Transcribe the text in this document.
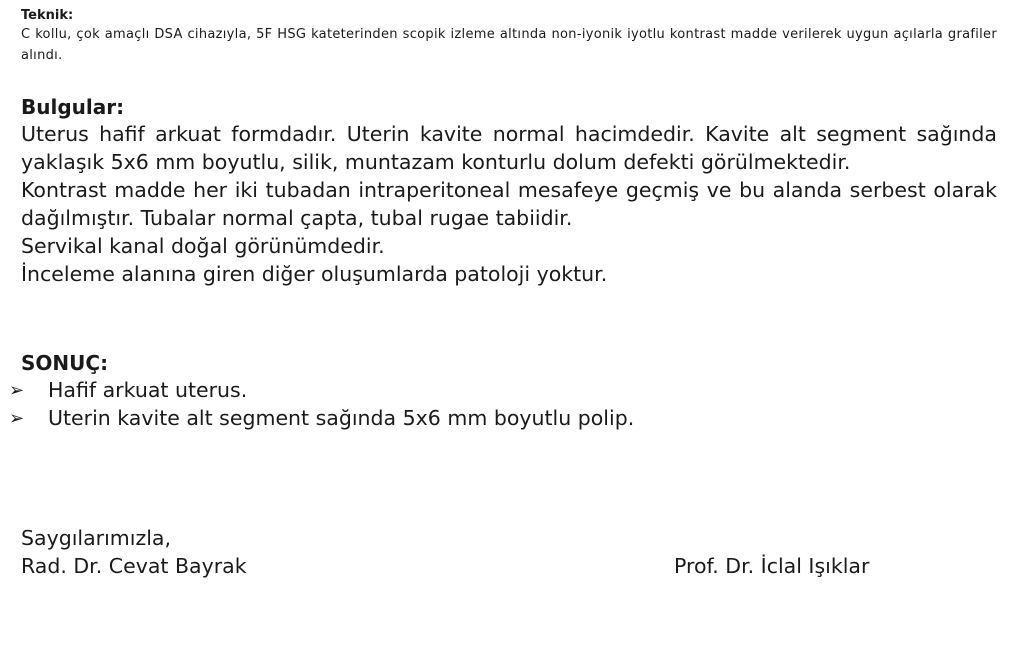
Teknik:

C kollu, çok amaçlı DSA cihazıyla, 5F HSG kateterinden scopik izleme altında non-iyonik iyotlu kontrast madde verilerek uygun açılarla grafiler alındı.

Bulgular:

Uterus hafif arkuat formdadır. Uterin kavite normal hacimdedir. Kavite alt segment sağında yaklaşık 5x6 mm boyutlu, silik, muntazam konturlu dolum defekti görülmektedir.

Kontrast madde her iki tubadan intraperitoneal mesafeye geçmiş ve bu alanda serbest olarak dağılmıştır. Tubalar normal çapta, tubal rugae tabiidir.

Servikal kanal doğal görünümdedir.

İnceleme alanına giren diğer oluşumlarda patoloji yoktur.

SONUÇ:

➢ Hafif arkuat uterus.
➢ Uterin kavite alt segment sağında 5x6 mm boyutlu polip.
Saygılarımızla,
Rad. Dr. Cevat Bayrak	Prof. Dr. İclal Işıklar
